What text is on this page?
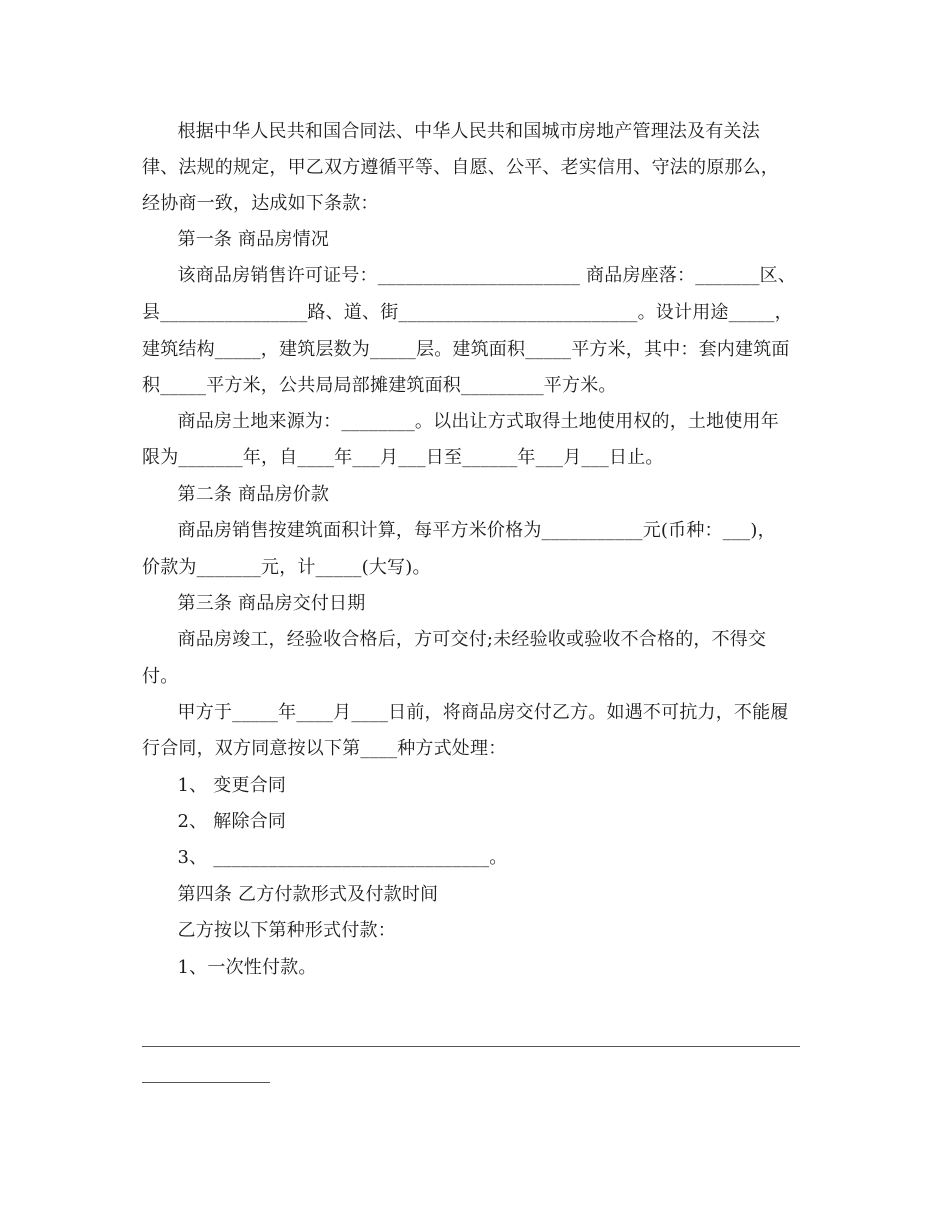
根据中华人民共和国合同法、中华人民共和国城市房地产管理法及有关法
律、法规的规定，甲乙双方遵循平等、自愿、公平、老实信用、守法的原那么，
经协商一致，达成如下条款：
第一条 商品房情况
该商品房销售许可证号：______________________ 商品房座落：_______区、
县________________路、道、街__________________________。设计用途_____，
建筑结构_____，建筑层数为_____层。建筑面积_____平方米，其中：套内建筑面
积_____平方米，公共局局部摊建筑面积_________平方米。
商品房土地来源为：________。以出让方式取得土地使用权的，土地使用年
限为_______年，自____年___月___日至______年___月___日止。
第二条 商品房价款
商品房销售按建筑面积计算，每平方米价格为___________元(币种：___)，
价款为_______元，计_____(大写)。
第三条 商品房交付日期
商品房竣工，经验收合格后，方可交付;未经验收或验收不合格的，不得交
付。
甲方于_____年____月____日前，将商品房交付乙方。如遇不可抗力，不能履
行合同，双方同意按以下第____种方式处理：
1、 变更合同
2、 解除合同
3、 ______________________________。
第四条 乙方付款形式及付款时间
乙方按以下第种形式付款：
1、一次性付款。
